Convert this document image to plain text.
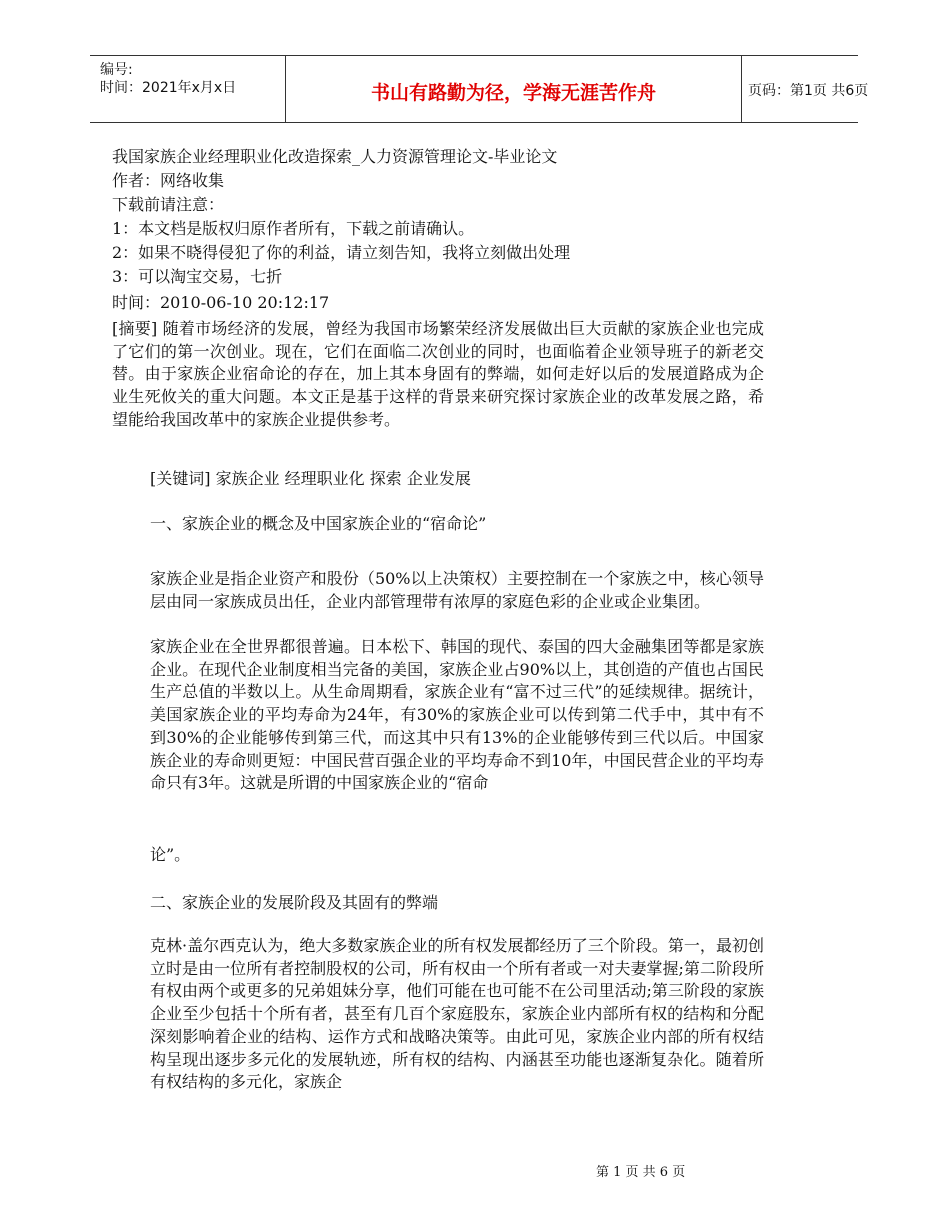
编号:
时间：2021年x月x日	书山有路勤为径，学海无涯苦作舟	页码：第1页 共6页
我国家族企业经理职业化改造探索_人力资源管理论文-毕业论文
作者：网络收集
下载前请注意：
1：本文档是版权归原作者所有，下载之前请确认。
2：如果不晓得侵犯了你的利益，请立刻告知，我将立刻做出处理
3：可以淘宝交易，七折
时间：2010-06-10 20:12:17
[摘要] 随着市场经济的发展，曾经为我国市场繁荣经济发展做出巨大贡献的家族企业也完成了它们的第一次创业。现在，它们在面临二次创业的同时，也面临着企业领导班子的新老交替。由于家族企业宿命论的存在，加上其本身固有的弊端，如何走好以后的发展道路成为企业生死攸关的重大问题。本文正是基于这样的背景来研究探讨家族企业的改革发展之路，希望能给我国改革中的家族企业提供参考。
[关键词] 家族企业 经理职业化 探索 企业发展
一、家族企业的概念及中国家族企业的“宿命论”
家族企业是指企业资产和股份（50%以上决策权）主要控制在一个家族之中，核心领导层由同一家族成员出任，企业内部管理带有浓厚的家庭色彩的企业或企业集团。
家族企业在全世界都很普遍。日本松下、韩国的现代、泰国的四大金融集团等都是家族企业。在现代企业制度相当完备的美国，家族企业占90%以上，其创造的产值也占国民生产总值的半数以上。从生命周期看，家族企业有“富不过三代”的延续规律。据统计，美国家族企业的平均寿命为24年，有30%的家族企业可以传到第二代手中，其中有不到30%的企业能够传到第三代，而这其中只有13%的企业能够传到三代以后。中国家族企业的寿命则更短：中国民营百强企业的平均寿命不到10年，中国民营企业的平均寿命只有3年。这就是所谓的中国家族企业的“宿命
论”。
二、家族企业的发展阶段及其固有的弊端
克林·盖尔西克认为，绝大多数家族企业的所有权发展都经历了三个阶段。第一，最初创立时是由一位所有者控制股权的公司，所有权由一个所有者或一对夫妻掌握;第二阶段所有权由两个或更多的兄弟姐妹分享，他们可能在也可能不在公司里活动;第三阶段的家族企业至少包括十个所有者，甚至有几百个家庭股东，家族企业内部所有权的结构和分配深刻影响着企业的结构、运作方式和战略决策等。由此可见，家族企业内部的所有权结构呈现出逐步多元化的发展轨迹，所有权的结构、内涵甚至功能也逐渐复杂化。随着所有权结构的多元化，家族企
第 1 页 共 6 页
